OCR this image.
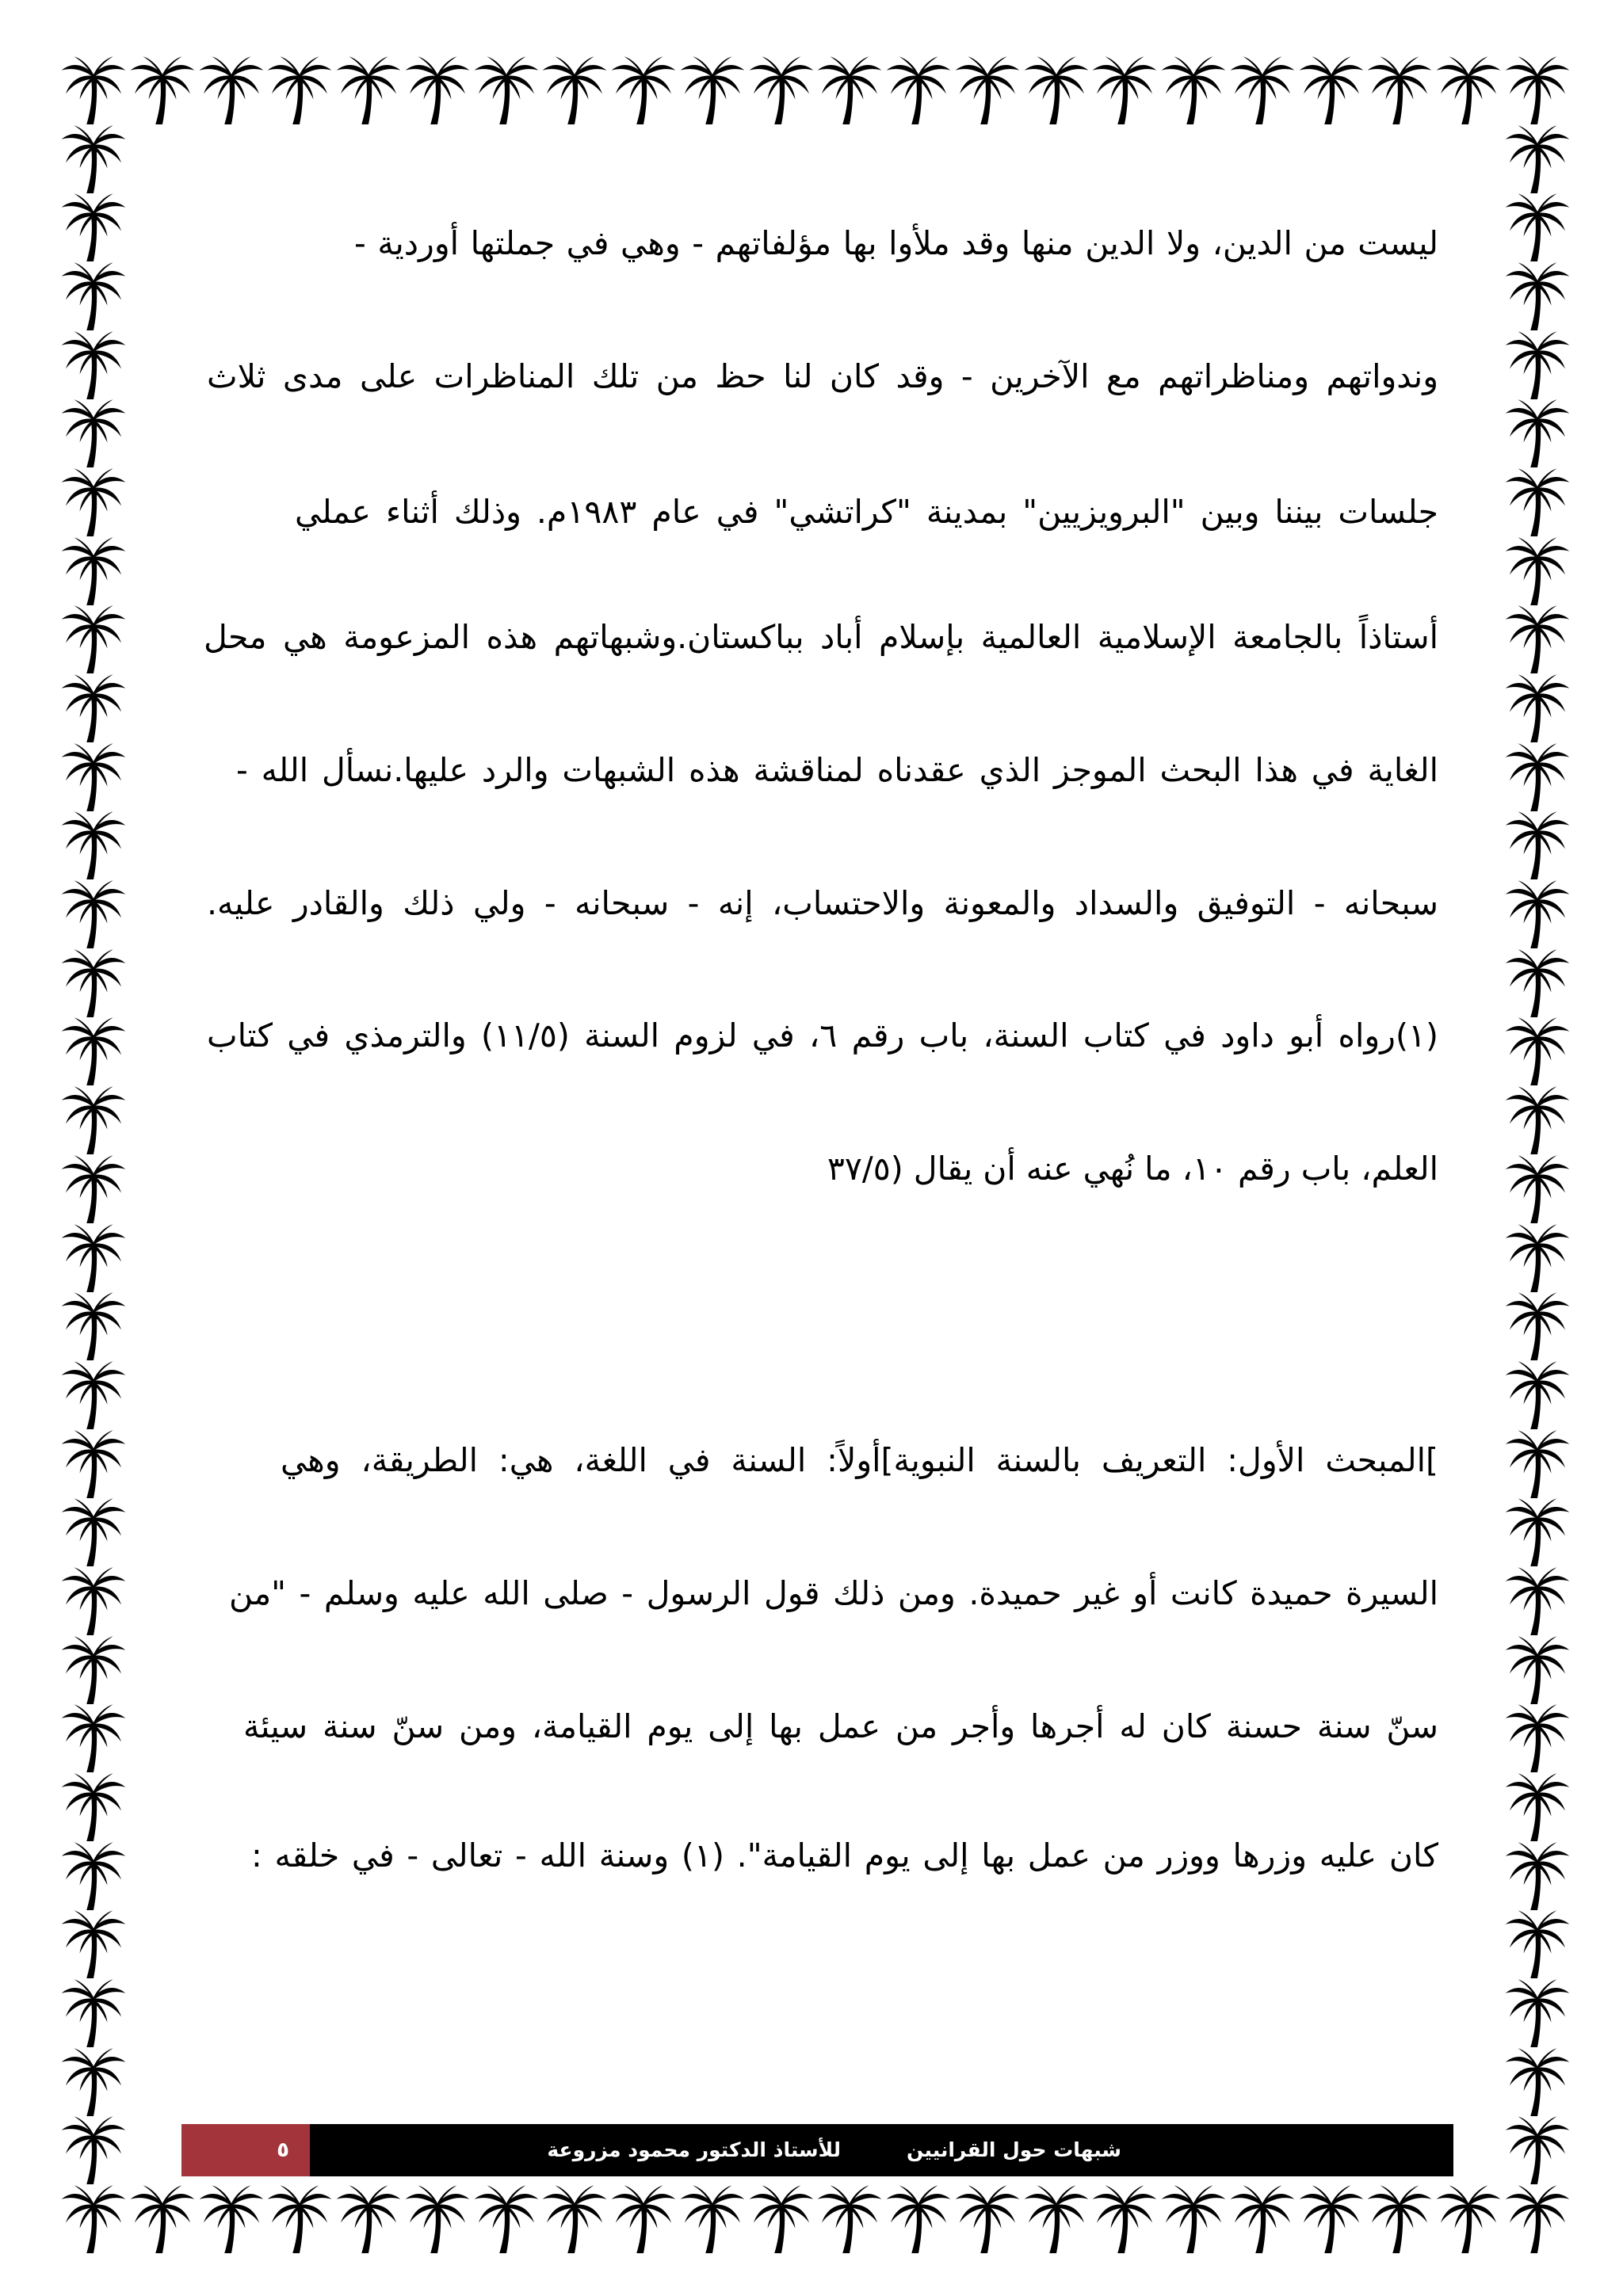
ليست من الدين، ولا الدين منها وقد ملأوا بها مؤلفاتهم - وهي في جملتها أوردية -
وندواتهم ومناظراتهم مع الآخرين - وقد كان لنا حظ من تلك المناظرات على مدى ثلاث
جلسات بيننا وبين "البرويزيين" بمدينة "كراتشي" في عام ١٩٨٣م. وذلك أثناء عملي
أستاذاً بالجامعة الإسلامية العالمية بإسلام أباد بباكستان.وشبهاتهم هذه المزعومة هي محل
الغاية في هذا البحث الموجز الذي عقدناه لمناقشة هذه الشبهات والرد عليها.نسأل الله -
سبحانه - التوفيق والسداد والمعونة والاحتساب، إنه - سبحانه - ولي ذلك والقادر عليه.
(١)رواه أبو داود في كتاب السنة، باب رقم ٦، في لزوم السنة (١١/٥) والترمذي في كتاب
العلم، باب رقم ١٠، ما نُهي عنه أن يقال (٣٧/٥
]المبحث الأول: التعريف بالسنة النبوية]أولاً: السنة في اللغة، هي: الطريقة، وهي
السيرة حميدة كانت أو غير حميدة. ومن ذلك قول الرسول - صلى الله عليه وسلم - "من
سنّ سنة حسنة كان له أجرها وأجر من عمل بها إلى يوم القيامة، ومن سنّ سنة سيئة
كان عليه وزرها ووزر من عمل بها إلى يوم القيامة". (١) وسنة الله - تعالى - في خلقه :
٥	شبهات حول القرانيين
للأستاذ الدكتور محمود مزروعة
